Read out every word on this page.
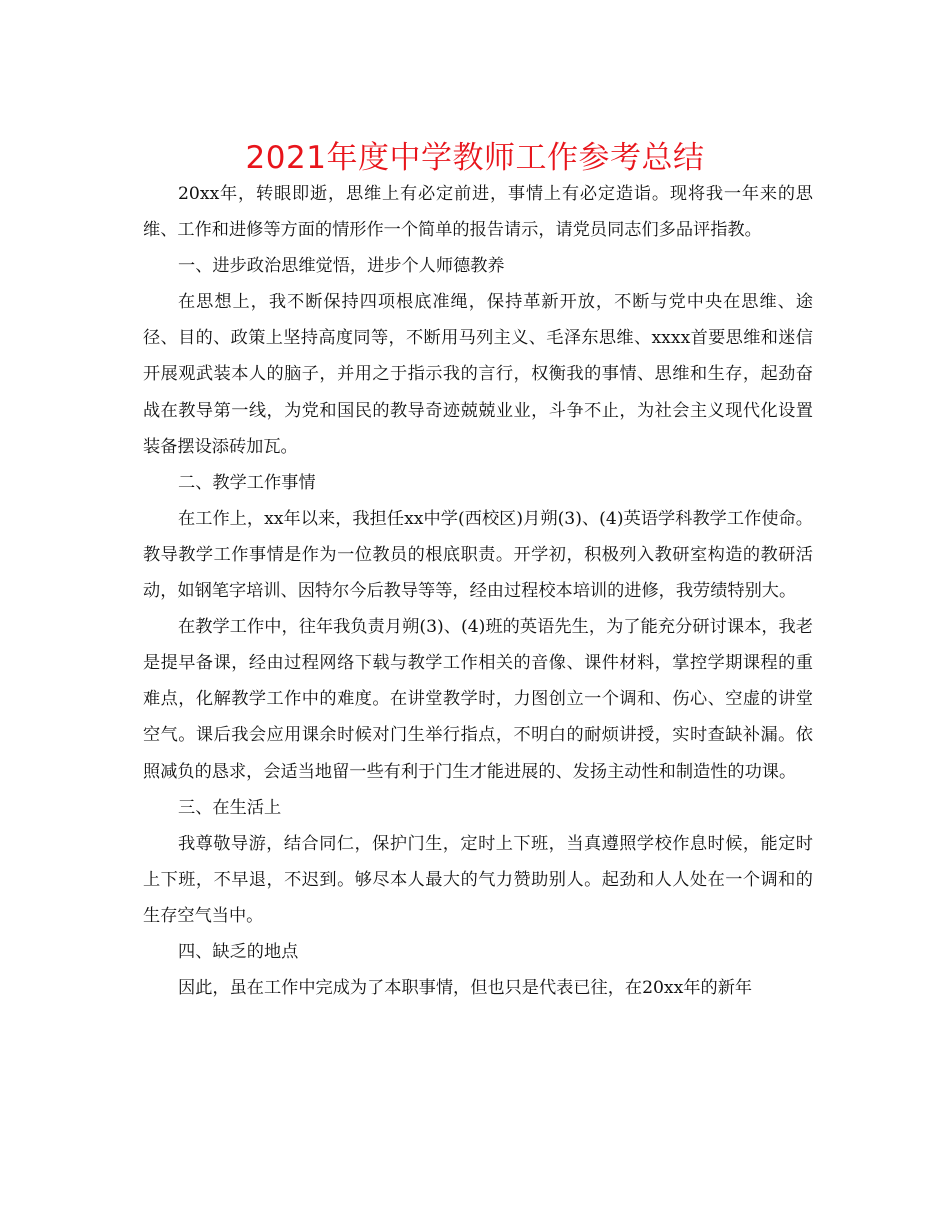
2021年度中学教师工作参考总结

20xx年，转眼即逝，思维上有必定前进，事情上有必定造诣。现将我一年来的思维、工作和进修等方面的情形作一个简单的报告请示，请党员同志们多品评指教。

一、进步政治思维觉悟，进步个人师德教养

在思想上，我不断保持四项根底准绳，保持革新开放，不断与党中央在思维、途径、目的、政策上坚持高度同等，不断用马列主义、毛泽东思维、xxxx首要思维和迷信开展观武装本人的脑子，并用之于指示我的言行，权衡我的事情、思维和生存，起劲奋战在教导第一线，为党和国民的教导奇迹兢兢业业，斗争不止，为社会主义现代化设置装备摆设添砖加瓦。

二、教学工作事情

在工作上，xx年以来，我担任xx中学(西校区)月朔(3)、(4)英语学科教学工作使命。教导教学工作事情是作为一位教员的根底职责。开学初，积极列入教研室构造的教研活动，如钢笔字培训、因特尔今后教导等等，经由过程校本培训的进修，我劳绩特别大。

在教学工作中，往年我负责月朔(3)、(4)班的英语先生，为了能充分研讨课本，我老是提早备课，经由过程网络下载与教学工作相关的音像、课件材料，掌控学期课程的重难点，化解教学工作中的难度。在讲堂教学时，力图创立一个调和、伤心、空虚的讲堂空气。课后我会应用课余时候对门生举行指点，不明白的耐烦讲授，实时查缺补漏。依照减负的恳求，会适当地留一些有利于门生才能进展的、发扬主动性和制造性的功课。

三、在生活上

我尊敬导游，结合同仁，保护门生，定时上下班，当真遵照学校作息时候，能定时上下班，不早退，不迟到。够尽本人最大的气力赞助别人。起劲和人人处在一个调和的生存空气当中。

四、缺乏的地点

因此，虽在工作中完成为了本职事情，但也只是代表已往，在20xx年的新年
